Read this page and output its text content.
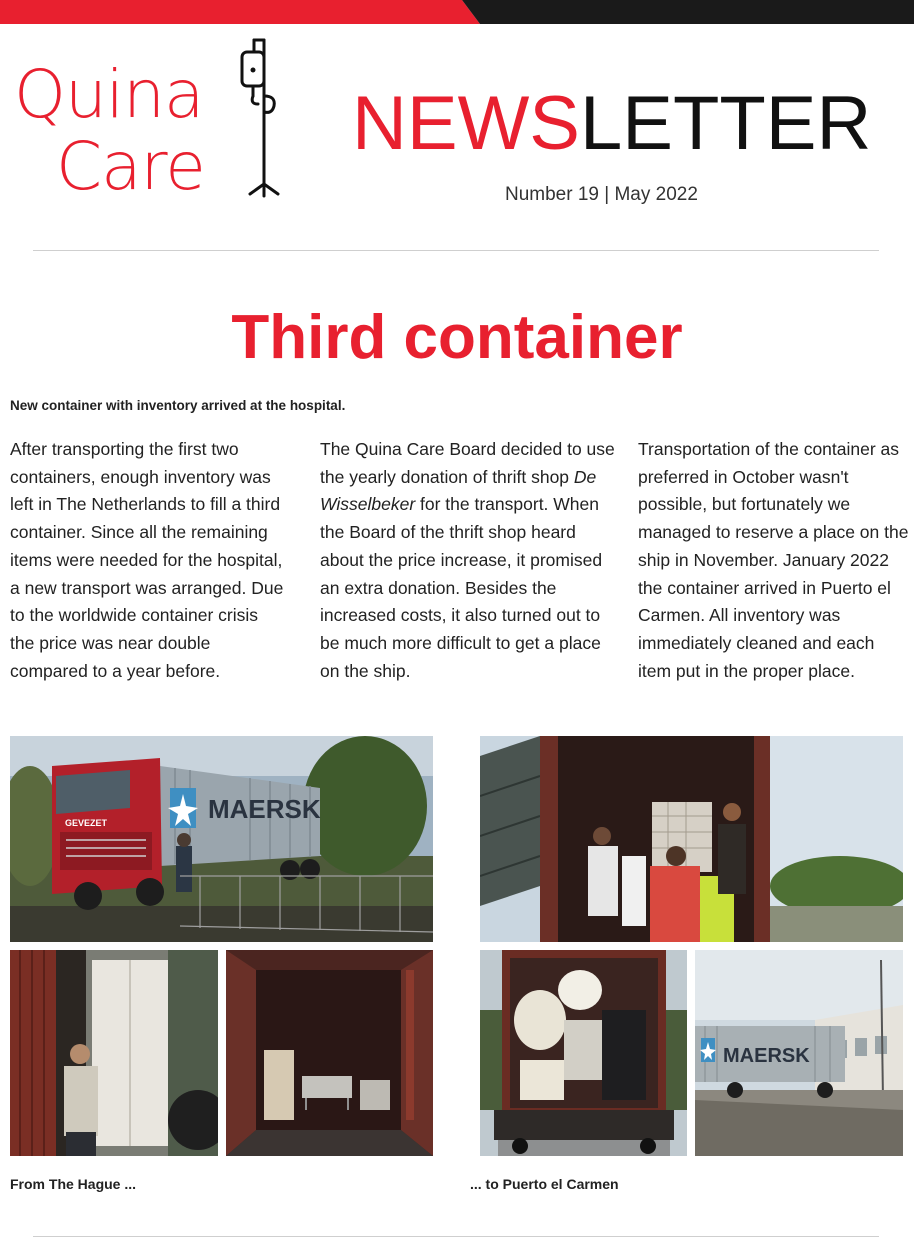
Quina
Care
NEWSLETTER
Number 19 | May 2022
Third container

New container with inventory arrived at the hospital.

After transporting the first two containers, enough inventory was left in The Netherlands to fill a third container. Since all the remaining items were needed for the hospital, a new transport was arranged. Due to the worldwide container crisis the price was near double compared to a year before.

The Quina Care Board decided to use the yearly donation of thrift shop De Wisselbeker for the transport. When the Board of the thrift shop heard about the price increase, it promised an extra donation. Besides the increased costs, it also turned out to be much more difficult to get a place on the ship.

Transportation of the container as preferred in October wasn't possible, but fortunately we managed to reserve a place on the ship in November. January 2022 the container arrived in Puerto el Carmen. All inventory was immediately cleaned and each item put in the proper place.

MAERSK
GEVEZET
MAERSK
From The Hague ...	... to Puerto el Carmen
